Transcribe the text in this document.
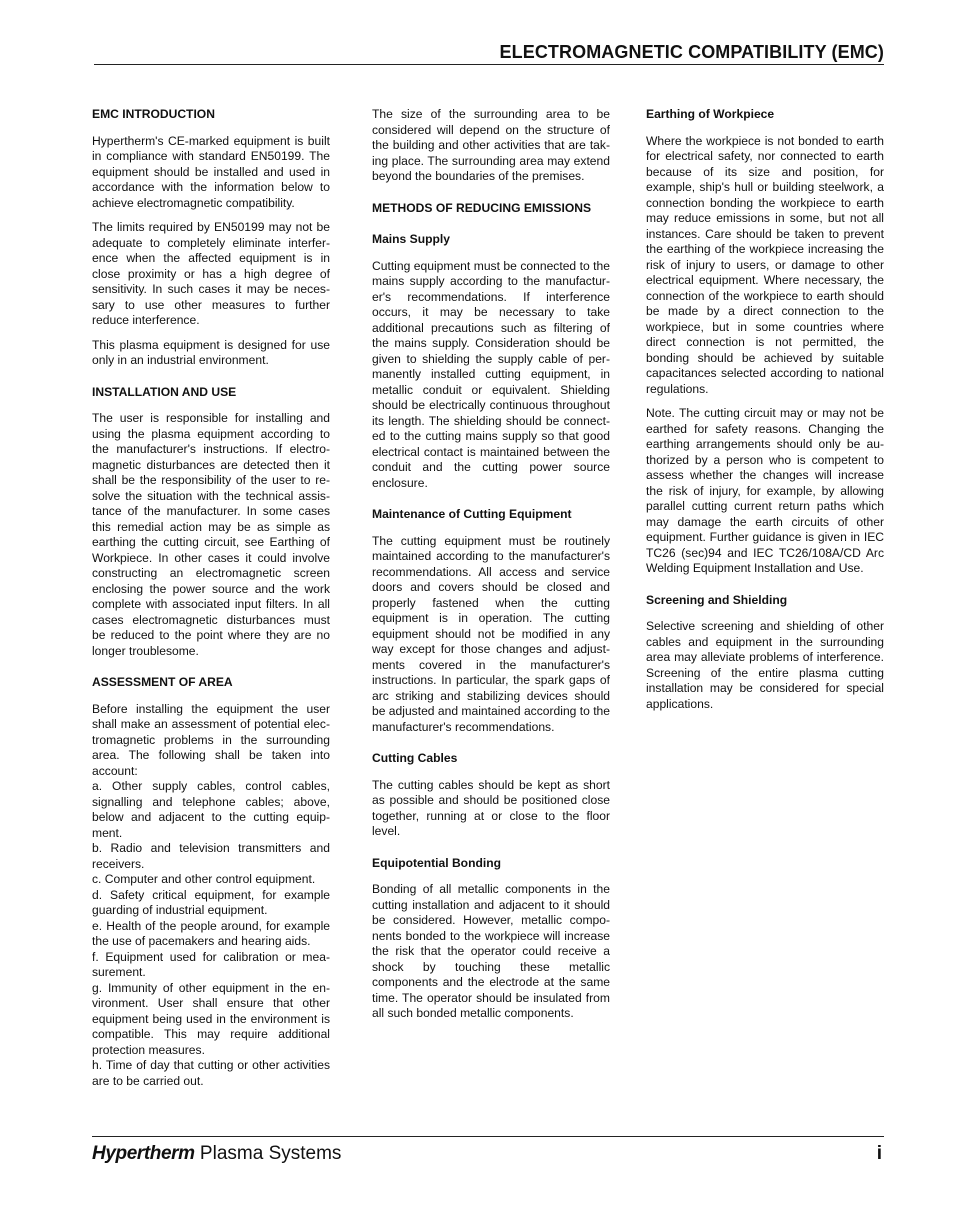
ELECTROMAGNETIC COMPATIBILITY (EMC)
EMC INTRODUCTION

Hypertherm's CE-marked equipment is built in compliance with standard EN50199. The equipment should be installed and used in accordance with the information below to achieve electromagnetic compatibility.

The limits required by EN50199 may not be adequate to completely eliminate interference when the affected equipment is in close proximity or has a high degree of sensitivity. In such cases it may be necessary to use other measures to further reduce interference.

This plasma equipment is designed for use only in an industrial environment.

INSTALLATION AND USE

The user is responsible for installing and using the plasma equipment according to the manufacturer's instructions. If electromagnetic disturbances are detected then it shall be the responsibility of the user to resolve the situation with the technical assistance of the manufacturer. In some cases this remedial action may be as simple as earthing the cutting circuit, see Earthing of Workpiece. In other cases it could involve constructing an electromagnetic screen enclosing the power source and the work complete with associated input filters. In all cases electromagnetic disturbances must be reduced to the point where they are no longer troublesome.

ASSESSMENT OF AREA
Before installing the equipment the user shall make an assessment of potential electromagnetic problems in the surrounding area. The following shall be taken into account:
a. Other supply cables, control cables, signalling and telephone cables; above, below and adjacent to the cutting equipment.
b. Radio and television transmitters and receivers.
c. Computer and other control equipment.
d. Safety critical equipment, for example guarding of industrial equipment.
e. Health of the people around, for example the use of pacemakers and hearing aids.
f. Equipment used for calibration or measurement.
g. Immunity of other equipment in the environment. User shall ensure that other equipment being used in the environment is compatible. This may require additional protection measures.
h. Time of day that cutting or other activities are to be carried out.

The size of the surrounding area to be considered will depend on the structure of the building and other activities that are taking place. The surrounding area may extend beyond the boundaries of the premises.

METHODS OF REDUCING EMISSIONS
Mains Supply

Cutting equipment must be connected to the mains supply according to the manufacturer's recommendations. If interference occurs, it may be necessary to take additional precautions such as filtering of the mains supply. Consideration should be given to shielding the supply cable of permanently installed cutting equipment, in metallic conduit or equivalent. Shielding should be electrically continuous throughout its length. The shielding should be connected to the cutting mains supply so that good electrical contact is maintained between the conduit and the cutting power source enclosure.

Maintenance of Cutting Equipment

The cutting equipment must be routinely maintained according to the manufacturer's recommendations. All access and service doors and covers should be closed and properly fastened when the cutting equipment is in operation. The cutting equipment should not be modified in any way except for those changes and adjustments covered in the manufacturer's instructions. In particular, the spark gaps of arc striking and stabilizing devices should be adjusted and maintained according to the manufacturer's recommendations.

Cutting Cables

The cutting cables should be kept as short as possible and should be positioned close together, running at or close to the floor level.

Equipotential Bonding

Bonding of all metallic components in the cutting installation and adjacent to it should be considered. However, metallic components bonded to the workpiece will increase the risk that the operator could receive a shock by touching these metallic components and the electrode at the same time. The operator should be insulated from all such bonded metallic components.

Earthing of Workpiece

Where the workpiece is not bonded to earth for electrical safety, nor connected to earth because of its size and position, for example, ship's hull or building steelwork, a connection bonding the workpiece to earth may reduce emissions in some, but not all instances. Care should be taken to prevent the earthing of the workpiece increasing the risk of injury to users, or damage to other electrical equipment. Where necessary, the connection of the workpiece to earth should be made by a direct connection to the workpiece, but in some countries where direct connection is not permitted, the bonding should be achieved by suitable capacitances selected according to national regulations.

Note. The cutting circuit may or may not be earthed for safety reasons. Changing the earthing arrangements should only be authorized by a person who is competent to assess whether the changes will increase the risk of injury, for example, by allowing parallel cutting current return paths which may damage the earth circuits of other equipment. Further guidance is given in IEC TC26 (sec)94 and IEC TC26/108A/CD Arc Welding Equipment Installation and Use.

Screening and Shielding

Selective screening and shielding of other cables and equipment in the surrounding area may alleviate problems of interference. Screening of the entire plasma cutting installation may be considered for special applications.

Hypertherm Plasma Systems	i
